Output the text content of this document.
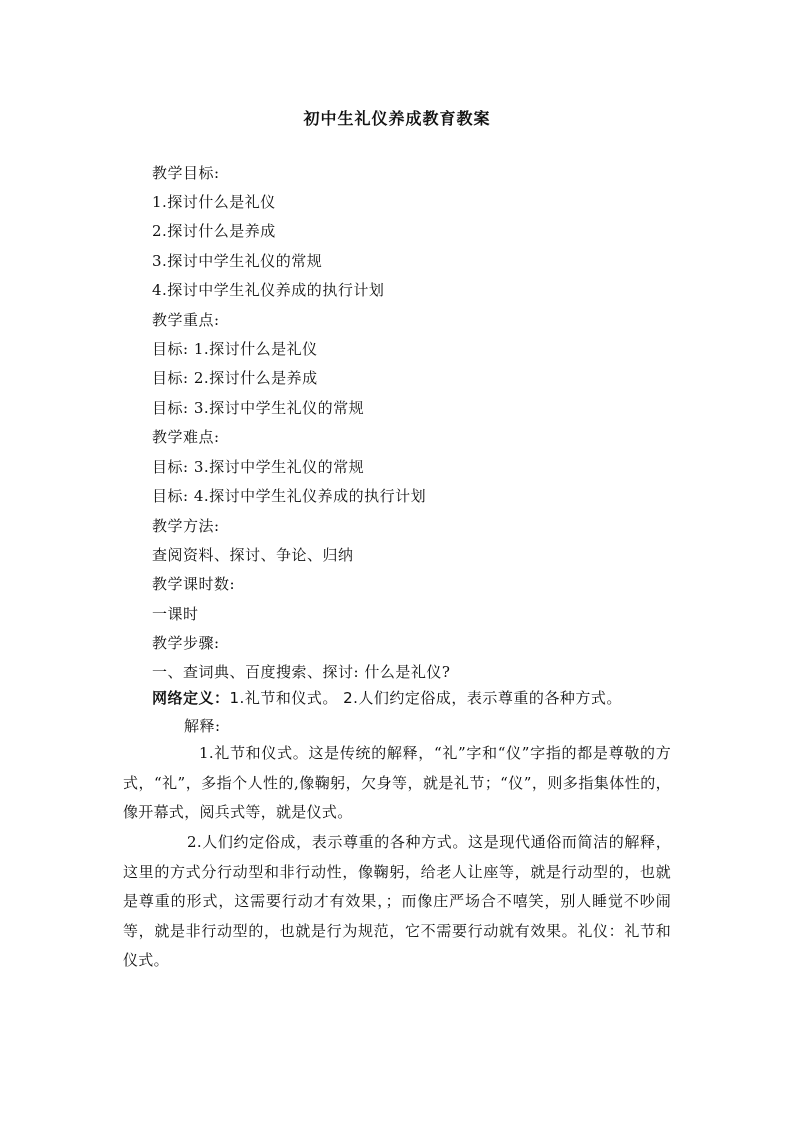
初中生礼仪养成教育教案
教学目标:
1.探讨什么是礼仪
2.探讨什么是养成
3.探讨中学生礼仪的常规
4.探讨中学生礼仪养成的执行计划
教学重点:
目标: 1.探讨什么是礼仪
目标: 2.探讨什么是养成
目标: 3.探讨中学生礼仪的常规
教学难点:
目标: 3.探讨中学生礼仪的常规
目标: 4.探讨中学生礼仪养成的执行计划
教学方法:
查阅资料、探讨、争论、归纳
教学课时数:
一课时
教学步骤:
一、查词典、百度搜索、探讨: 什么是礼仪?
网络定义：1.礼节和仪式。 2.人们约定俗成，表示尊重的各种方式。
解释:
1.礼节和仪式。这是传统的解释，“礼”字和“仪”字指的都是尊敬的方式，“礼”，多指个人性的,像鞠躬，欠身等，就是礼节；“仪”，则多指集体性的，像开幕式，阅兵式等，就是仪式。
2.人们约定俗成，表示尊重的各种方式。这是现代通俗而简洁的解释，这里的方式分行动型和非行动性，像鞠躬，给老人让座等，就是行动型的，也就是尊重的形式，这需要行动才有效果，；而像庄严场合不嘻笑，别人睡觉不吵闹等，就是非行动型的，也就是行为规范，它不需要行动就有效果。礼仪：礼节和仪式。
